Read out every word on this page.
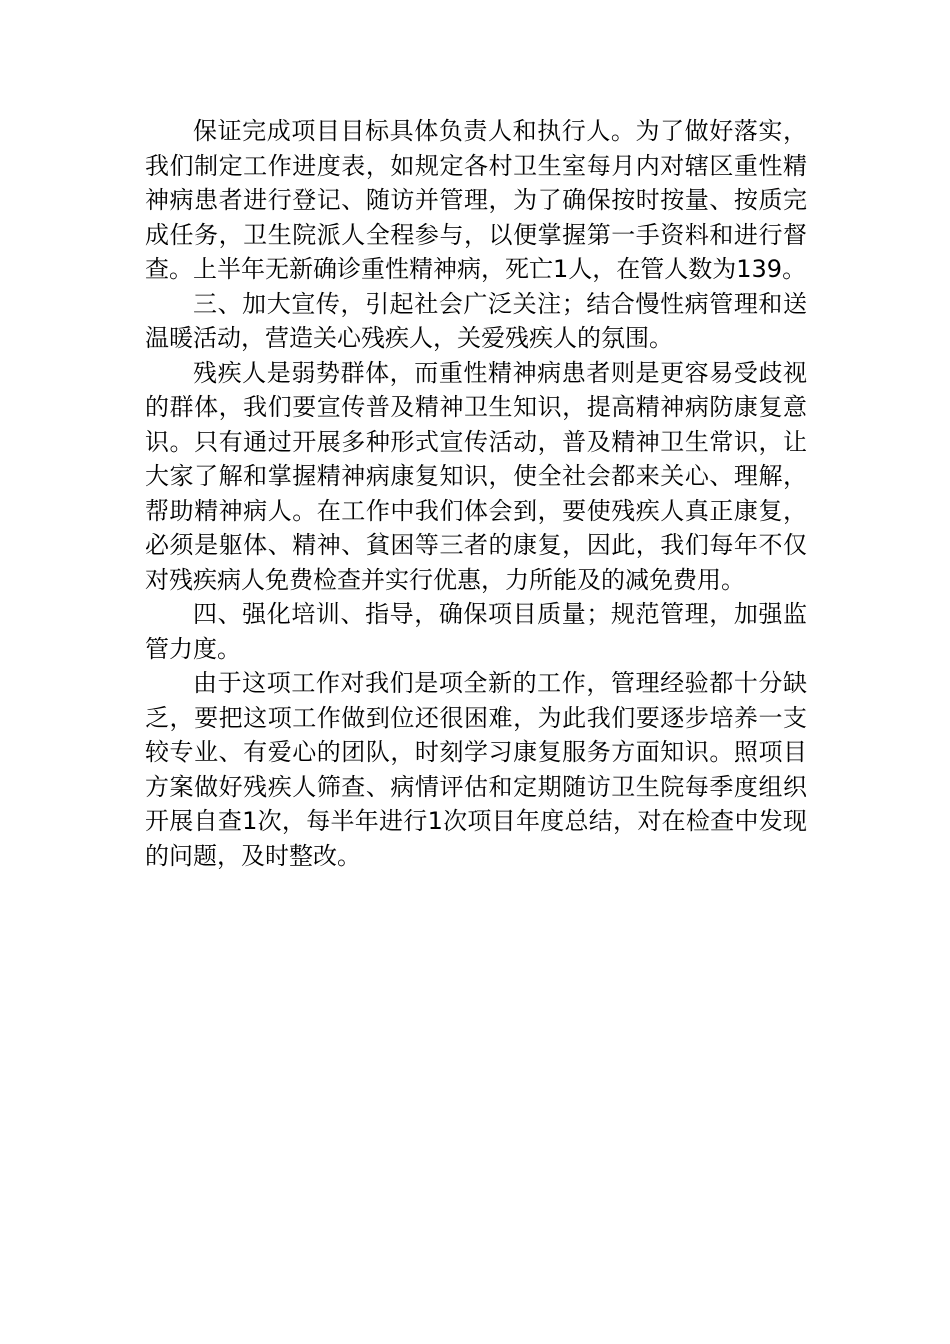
保证完成项目目标具体负责人和执行人。为了做好落实，我们制定工作进度表，如规定各村卫生室每月内对辖区重性精神病患者进行登记、随访并管理，为了确保按时按量、按质完成任务，卫生院派人全程参与，以便掌握第一手资料和进行督查。上半年无新确诊重性精神病，死亡1人，在管人数为139。

三、加大宣传，引起社会广泛关注；结合慢性病管理和送温暖活动，营造关心残疾人，关爱残疾人的氛围。

残疾人是弱势群体，而重性精神病患者则是更容易受歧视的群体，我们要宣传普及精神卫生知识，提高精神病防康复意识。只有通过开展多种形式宣传活动，普及精神卫生常识，让大家了解和掌握精神病康复知识，使全社会都来关心、理解，帮助精神病人。在工作中我们体会到，要使残疾人真正康复，必须是躯体、精神、貧困等三者的康复，因此，我们每年不仅对残疾病人免费检查并实行优惠，力所能及的减免费用。

四、强化培训、指导，确保项目质量；规范管理，加强监管力度。

由于这项工作对我们是项全新的工作，管理经验都十分缺乏，要把这项工作做到位还很困难，为此我们要逐步培养一支较专业、有爱心的团队，时刻学习康复服务方面知识。照项目方案做好残疾人筛查、病情评估和定期随访卫生院每季度组织开展自查1次，每半年进行1次项目年度总结，对在检查中发现的问题，及时整改。
